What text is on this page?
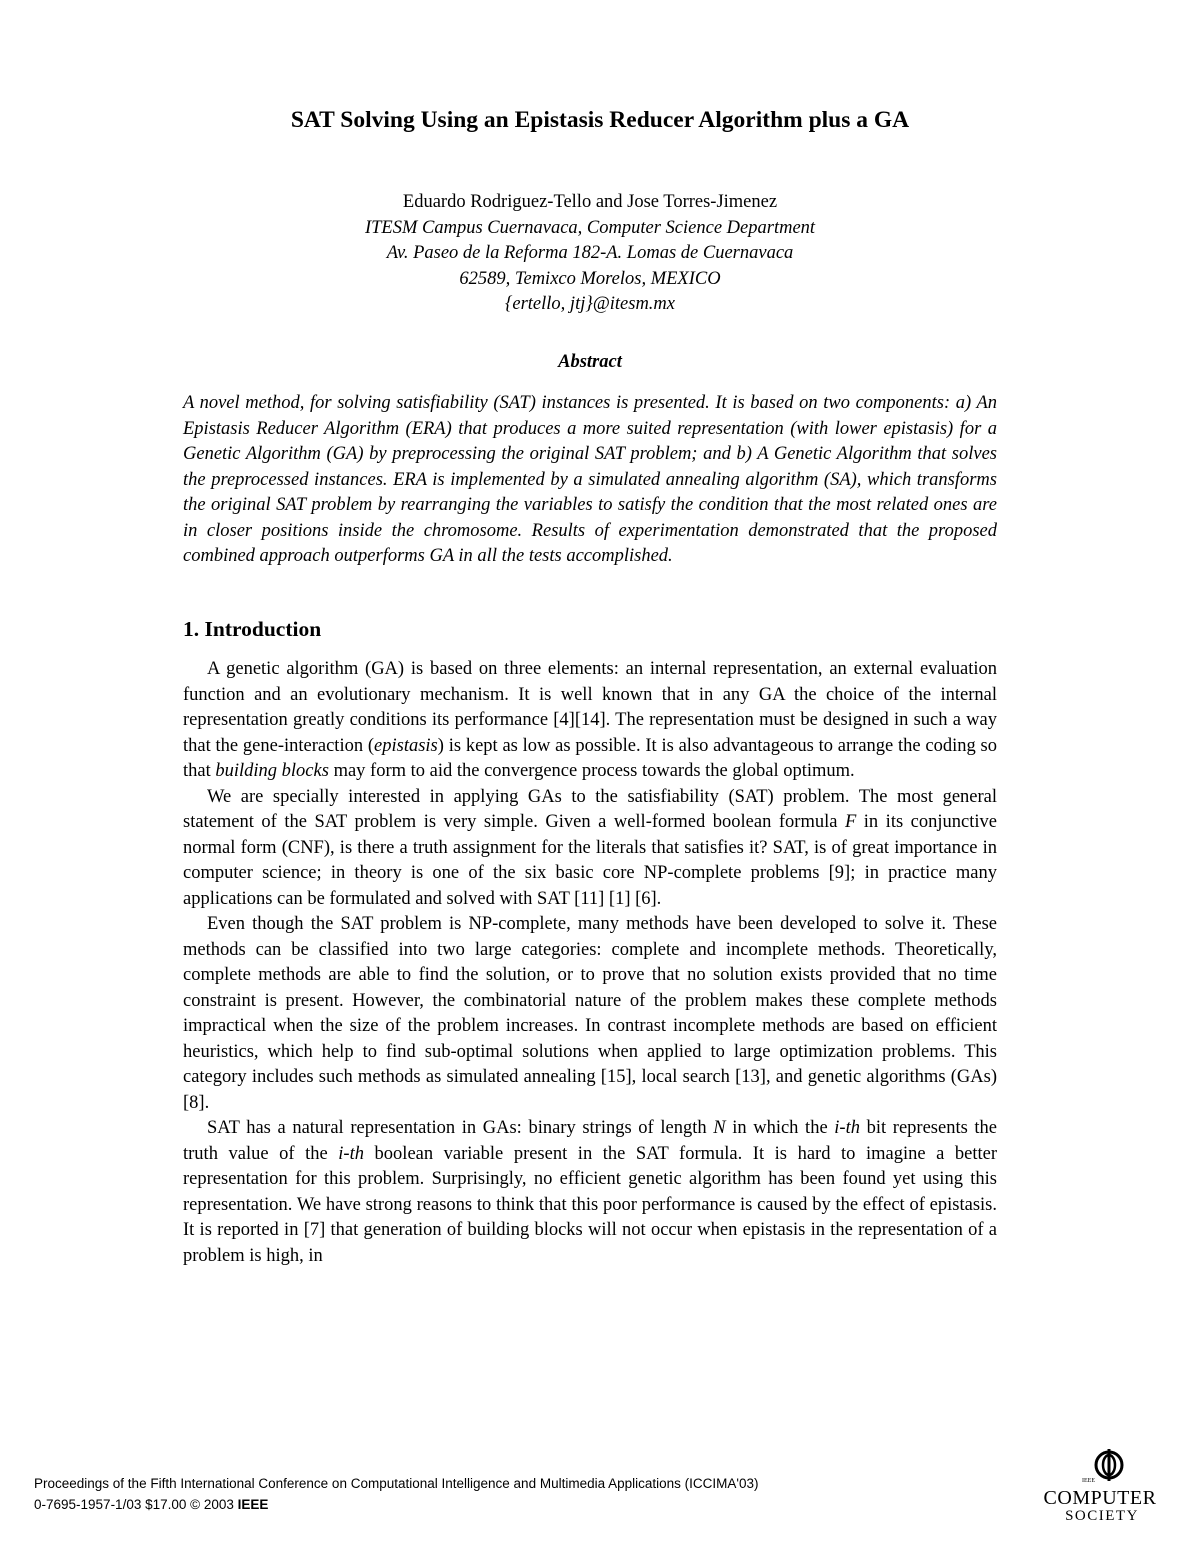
SAT Solving Using an Epistasis Reducer Algorithm plus a GA
Eduardo Rodriguez-Tello and Jose Torres-Jimenez
ITESM Campus Cuernavaca, Computer Science Department
Av. Paseo de la Reforma 182-A. Lomas de Cuernavaca
62589, Temixco Morelos, MEXICO
{ertello, jtj}@itesm.mx
Abstract

A novel method, for solving satisfiability (SAT) instances is presented. It is based on two components: a) An Epistasis Reducer Algorithm (ERA) that produces a more suited representation (with lower epistasis) for a Genetic Algorithm (GA) by preprocessing the original SAT problem; and b) A Genetic Algorithm that solves the preprocessed instances. ERA is implemented by a simulated annealing algorithm (SA), which transforms the original SAT problem by rearranging the variables to satisfy the condition that the most related ones are in closer positions inside the chromosome. Results of experimentation demonstrated that the proposed combined approach outperforms GA in all the tests accomplished.

1. Introduction

A genetic algorithm (GA) is based on three elements: an internal representation, an external evaluation function and an evolutionary mechanism. It is well known that in any GA the choice of the internal representation greatly conditions its performance [4][14]. The representation must be designed in such a way that the gene-interaction (epistasis) is kept as low as possible. It is also advantageous to arrange the coding so that building blocks may form to aid the convergence process towards the global optimum.

We are specially interested in applying GAs to the satisfiability (SAT) problem. The most general statement of the SAT problem is very simple. Given a well-formed boolean formula F in its conjunctive normal form (CNF), is there a truth assignment for the literals that satisfies it? SAT, is of great importance in computer science; in theory is one of the six basic core NP-complete problems [9]; in practice many applications can be formulated and solved with SAT [11] [1] [6].

Even though the SAT problem is NP-complete, many methods have been developed to solve it. These methods can be classified into two large categories: complete and incomplete methods. Theoretically, complete methods are able to find the solution, or to prove that no solution exists provided that no time constraint is present. However, the combinatorial nature of the problem makes these complete methods impractical when the size of the problem increases. In contrast incomplete methods are based on efficient heuristics, which help to find sub-optimal solutions when applied to large optimization problems. This category includes such methods as simulated annealing [15], local search [13], and genetic algorithms (GAs) [8].

SAT has a natural representation in GAs: binary strings of length N in which the i-th bit represents the truth value of the i-th boolean variable present in the SAT formula. It is hard to imagine a better representation for this problem. Surprisingly, no efficient genetic algorithm has been found yet using this representation. We have strong reasons to think that this poor performance is caused by the effect of epistasis. It is reported in [7] that generation of building blocks will not occur when epistasis in the representation of a problem is high, in

Proceedings of the Fifth International Conference on Computational Intelligence and Multimedia Applications (ICCIMA'03)
0-7695-1957-1/03 $17.00 © 2003 IEEE
IEEE
COMPUTER
SOCIETY
